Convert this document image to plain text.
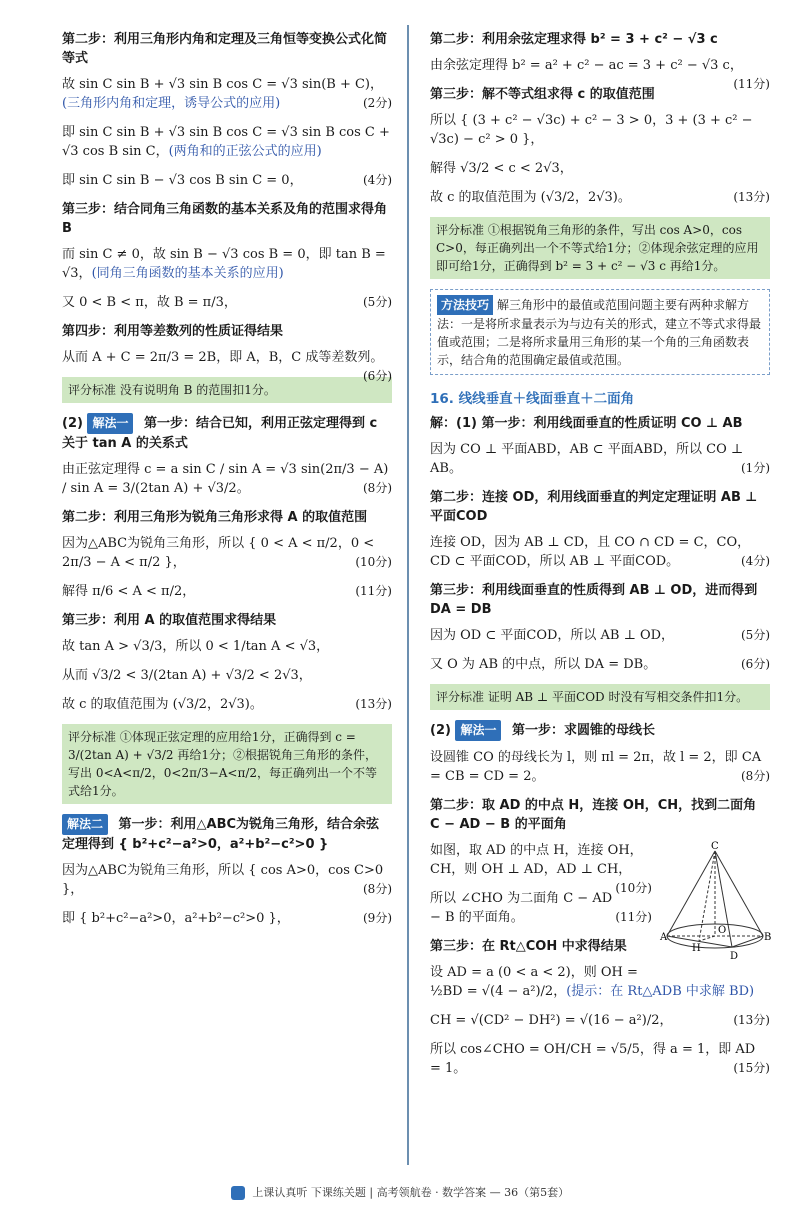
第二步：利用三角形内角和定理及三角恒等变换公式化简等式
故 sin C sin B + √3 sin B cos C = √3 sin(B + C)，(三角形内角和定理，诱导公式的应用)	(2分)
即 sin C sin B + √3 sin B cos C = √3 sin B cos C + √3 cos B sin C，(两角和的正弦公式的应用)
即 sin C sin B − √3 cos B sin C = 0，	(4分)
第三步：结合同角三角函数的基本关系及角的范围求得角 B
而 sin C ≠ 0，故 sin B − √3 cos B = 0，即 tan B = √3，(同角三角函数的基本关系的应用)
又 0 < B < π，故 B = π/3，	(5分)
第四步：利用等差数列的性质证得结果
从而 A + C = 2π/3 = 2B，即 A，B，C 成等差数列。
(6分)
评分标准 没有说明角 B 的范围扣1分。
(2) 解法一 第一步：结合已知，利用正弦定理得到 c 关于 tan A 的关系式
由正弦定理得 c = a sin C / sin A = √3 sin(2π/3 − A) / sin A = 3/(2tan A) + √3/2。	(8分)
第二步：利用三角形为锐角三角形求得 A 的取值范围
因为△ABC为锐角三角形，所以 { 0 < A < π/2，0 < 2π/3 − A < π/2 }，	(10分)
解得 π/6 < A < π/2，	(11分)
第三步：利用 A 的取值范围求得结果
故 tan A > √3/3，所以 0 < 1/tan A < √3，
从而 √3/2 < 3/(2tan A) + √3/2 < 2√3，
故 c 的取值范围为 (√3/2，2√3)。	(13分)
评分标准 ①体现正弦定理的应用给1分，正确得到 c = 3/(2tan A) + √3/2 再给1分；②根据锐角三角形的条件，写出 0<A<π/2，0<2π/3−A<π/2，每正确列出一个不等式给1分。
解法二 第一步：利用△ABC为锐角三角形，结合余弦定理得到 { b²+c²−a²>0，a²+b²−c²>0 }
因为△ABC为锐角三角形，所以 { cos A>0，cos C>0 }，	(8分)
即 { b²+c²−a²>0，a²+b²−c²>0 }，	(9分)
第二步：利用余弦定理求得 b² = 3 + c² − √3 c
由余弦定理得 b² = a² + c² − ac = 3 + c² − √3 c，
(11分)
第三步：解不等式组求得 c 的取值范围
所以 { (3 + c² − √3c) + c² − 3 > 0，3 + (3 + c² − √3c) − c² > 0 }，
解得 √3/2 < c < 2√3，
故 c 的取值范围为 (√3/2，2√3)。	(13分)
评分标准 ①根据锐角三角形的条件，写出 cos A>0，cos C>0，每正确列出一个不等式给1分；②体现余弦定理的应用即可给1分，正确得到 b² = 3 + c² − √3 c 再给1分。
方法技巧 解三角形中的最值或范围问题主要有两种求解方法：一是将所求量表示为与边有关的形式，建立不等式求得最值或范围；二是将所求量用三角形的某一个角的三角函数表示，结合角的范围确定最值或范围。
16. 线线垂直＋线面垂直＋二面角
解：(1) 第一步：利用线面垂直的性质证明 CO ⊥ AB
因为 CO ⊥ 平面ABD，AB ⊂ 平面ABD，所以 CO ⊥ AB。	(1分)
第二步：连接 OD，利用线面垂直的判定定理证明 AB ⊥ 平面COD
连接 OD，因为 AB ⊥ CD，且 CO ∩ CD = C，CO，CD ⊂ 平面COD，所以 AB ⊥ 平面COD。	(4分)
第三步：利用线面垂直的性质得到 AB ⊥ OD，进而得到 DA = DB
因为 OD ⊂ 平面COD，所以 AB ⊥ OD，	(5分)
又 O 为 AB 的中点，所以 DA = DB。	(6分)
评分标准 证明 AB ⊥ 平面COD 时没有写相交条件扣1分。
(2) 解法一 第一步：求圆锥的母线长
设圆锥 CO 的母线长为 l，则 πl = 2π，故 l = 2，即 CA = CB = CD = 2。	(8分)
第二步：取 AD 的中点 H，连接 OH，CH，找到二面角 C − AD − B 的平面角
C
A	B
O
H
D
如图，取 AD 的中点 H，连接 OH，CH，则 OH ⊥ AD，AD ⊥ CH，
(10分)
所以 ∠CHO 为二面角 C − AD − B 的平面角。	(11分)
第三步：在 Rt△COH 中求得结果
设 AD = a (0 < a < 2)，则 OH = ½BD = √(4 − a²)/2，(提示：在 Rt△ADB 中求解 BD)
CH = √(CD² − DH²) = √(16 − a²)/2，	(13分)
所以 cos∠CHO = OH/CH = √5/5，得 a = 1，即 AD = 1。	(15分)
上课认真听 下课练关题 | 高考领航卷 · 数学答案 — 36（第5套）
